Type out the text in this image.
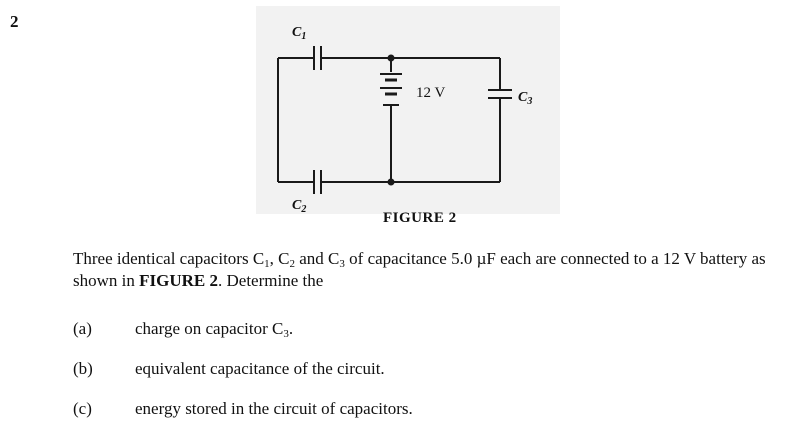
2
$C_1$
$C_2$
$C_3$
12 V
FIGURE 2
Three identical capacitors $C_1$, $C_2$ and $C_3$ of capacitance 5.0 µF each are connected to a 12 V battery as shown in FIGURE 2. Determine the
(a)	charge on capacitor $C_3$.
(b) equivalent capacitance of the circuit.
(c)	energy stored in the circuit of capacitors.
